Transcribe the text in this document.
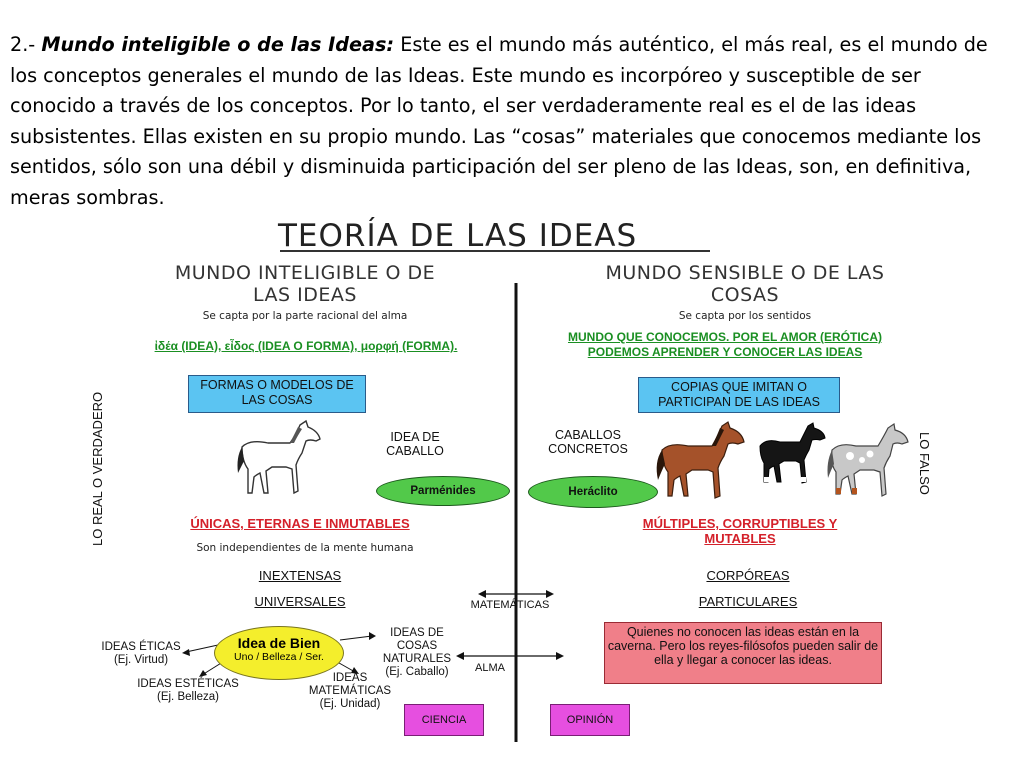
2.- Mundo inteligible o de las Ideas: Este es el mundo más auténtico, el más real, es el mundo de los conceptos generales el mundo de las Ideas. Este mundo es incorpóreo y susceptible de ser conocido a través de los conceptos. Por lo tanto, el ser verdaderamente real es el de las ideas subsistentes. Ellas existen en su propio mundo. Las “cosas” materiales que conocemos mediante los sentidos, sólo son una débil y disminuida participación del ser pleno de las Ideas, son, en definitiva, meras sombras.
TEORÍA DE LAS IDEAS
MUNDO INTELIGIBLE O DE
LAS IDEAS
Se capta por la parte racional del alma
ἰδέα (IDEA), εἶδος (IDEA O FORMA), μορφή (FORMA).
FORMAS O MODELOS DE LAS COSAS
IDEA DE
CABALLO
Parménides
ÚNICAS, ETERNAS E INMUTABLES
Son independientes de la mente humana
INEXTENSAS
UNIVERSALES
LO REAL O VERDADERO
Idea de Bien
Uno / Belleza / Ser.
IDEAS ÉTICAS
(Ej. Virtud)
IDEAS ESTÉTICAS
(Ej. Belleza)
IDEAS
MATEMÁTICAS
(Ej. Unidad)
IDEAS DE
COSAS
NATURALES
(Ej. Caballo)
MATEMÁTICAS
ALMA
CIENCIA	OPINIÓN
MUNDO SENSIBLE O DE LAS
COSAS
Se capta por los sentidos
MUNDO QUE CONOCEMOS. POR EL AMOR (ERÓTICA)
PODEMOS APRENDER Y CONOCER LAS IDEAS
COPIAS QUE IMITAN O PARTICIPAN DE LAS IDEAS
CABALLOS
CONCRETOS
Heráclito
MÚLTIPLES, CORRUPTIBLES Y
MUTABLES
CORPÓREAS
PARTICULARES
Quienes no conocen las ideas están en la caverna. Pero los reyes-filósofos pueden salir de ella y llegar a conocer las ideas.
LO FALSO
